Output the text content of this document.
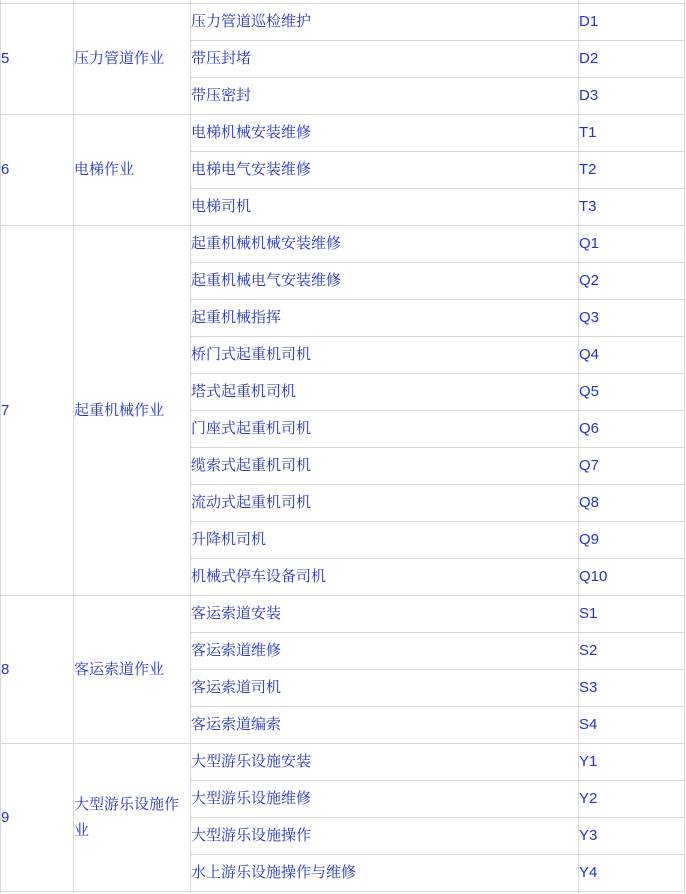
5	压力管道作业	压力管道巡检维护	D1
		带压封堵	D2
		带压密封	D3
6	电梯作业	电梯机械安装维修	T1
		电梯电气安装维修	T2
		电梯司机	T3
7	起重机械作业	起重机械机械安装维修	Q1
		起重机械电气安装维修	Q2
		起重机械指挥	Q3
		桥门式起重机司机	Q4
		塔式起重机司机	Q5
		门座式起重机司机	Q6
		缆索式起重机司机	Q7
		流动式起重机司机	Q8
		升降机司机	Q9
		机械式停车设备司机	Q10
8	客运索道作业	客运索道安装	S1
		客运索道维修	S2
		客运索道司机	S3
		客运索道编索	S4
9	大型游乐设施作业	大型游乐设施安装	Y1
		大型游乐设施维修	Y2
		大型游乐设施操作	Y3
		水上游乐设施操作与维修	Y4
